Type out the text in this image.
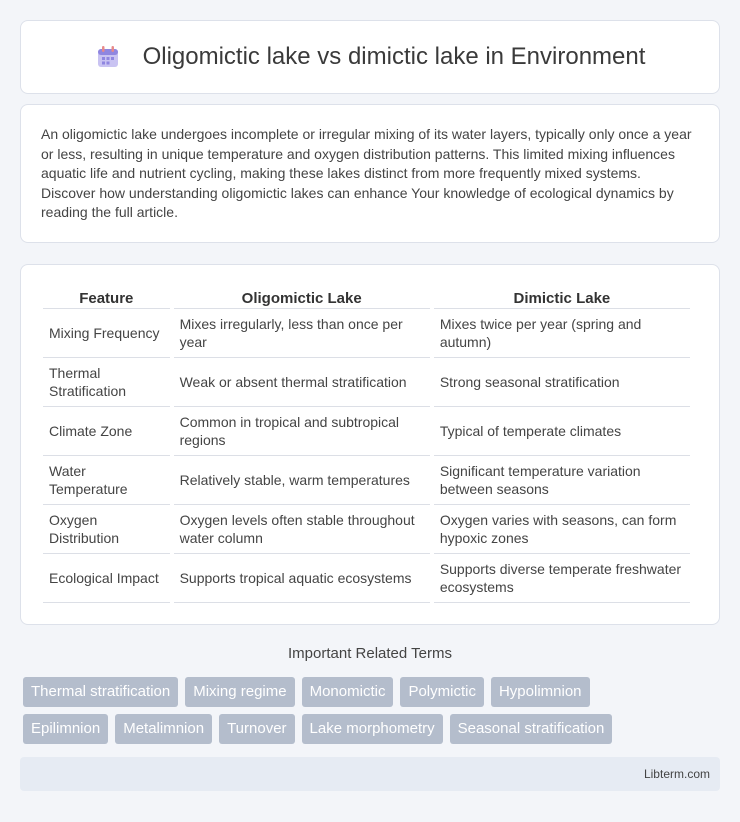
Oligomictic lake vs dimictic lake in Environment

An oligomictic lake undergoes incomplete or irregular mixing of its water layers, typically only once a year or less, resulting in unique temperature and oxygen distribution patterns. This limited mixing influences aquatic life and nutrient cycling, making these lakes distinct from more frequently mixed systems. Discover how understanding oligomictic lakes can enhance Your knowledge of ecological dynamics by reading the full article.

Feature	Oligomictic Lake	Dimictic Lake
Mixing Frequency	Mixes irregularly, less than once per year	Mixes twice per year (spring and autumn)
Thermal Stratification	Weak or absent thermal stratification	Strong seasonal stratification
Climate Zone	Common in tropical and subtropical regions	Typical of temperate climates
Water Temperature	Relatively stable, warm temperatures	Significant temperature variation between seasons
Oxygen Distribution	Oxygen levels often stable throughout water column	Oxygen varies with seasons, can form hypoxic zones
Ecological Impact	Supports tropical aquatic ecosystems	Supports diverse temperate freshwater ecosystems
Important Related Terms
Thermal stratification	Mixing regime	Monomictic	Polymictic	Hypolimnion
Epilimnion	Metalimnion	Turnover	Lake morphometry	Seasonal stratification
Libterm.com
